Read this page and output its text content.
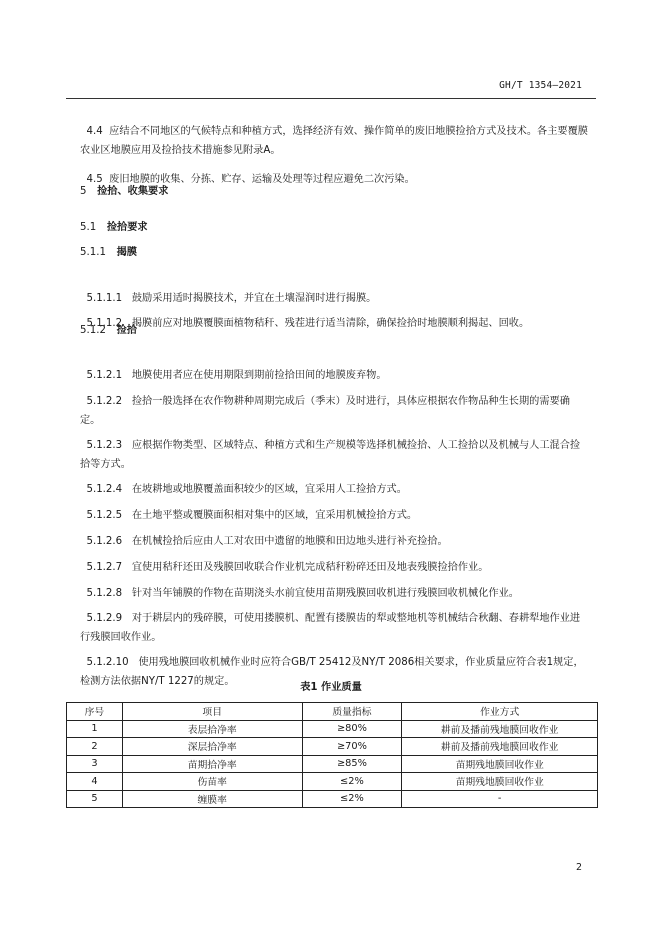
GH/T 1354—2021

4.4 应结合不同地区的气候特点和种植方式，选择经济有效、操作简单的废旧地膜捡拾方式及技术。各主要覆膜农业区地膜应用及捡拾技术措施参见附录A。

4.5 废旧地膜的收集、分拣、贮存、运输及处理等过程应避免二次污染。

5 捡拾、收集要求
5.1 捡拾要求
5.1.1 揭膜

5.1.1.1 鼓励采用适时揭膜技术，并宜在土壤湿润时进行揭膜。

5.1.1.2 揭膜前应对地膜覆膜面植物秸秆、残茬进行适当清除，确保捡拾时地膜顺利揭起、回收。

5.1.2 捡拾

5.1.2.1 地膜使用者应在使用期限到期前捡拾田间的地膜废弃物。

5.1.2.2 捡拾一般选择在农作物耕种周期完成后（季末）及时进行，具体应根据农作物品种生长期的需要确定。

5.1.2.3 应根据作物类型、区域特点、种植方式和生产规模等选择机械捡拾、人工捡拾以及机械与人工混合捡拾等方式。

5.1.2.4 在坡耕地或地膜覆盖面积较少的区域，宜采用人工捡拾方式。

5.1.2.5 在土地平整或覆膜面积相对集中的区域，宜采用机械捡拾方式。

5.1.2.6 在机械捡拾后应由人工对农田中遗留的地膜和田边地头进行补充捡拾。

5.1.2.7 宜使用秸秆还田及残膜回收联合作业机完成秸秆粉碎还田及地表残膜捡拾作业。

5.1.2.8 针对当年铺膜的作物在苗期浇头水前宜使用苗期残膜回收机进行残膜回收机械化作业。

5.1.2.9 对于耕层内的残碎膜，可使用搂膜机、配置有搂膜齿的犁或整地机等机械结合秋翻、春耕犁地作业进行残膜回收作业。

5.1.2.10 使用残地膜回收机械作业时应符合GB/T 25412及NY/T 2086相关要求，作业质量应符合表1规定，检测方法依据NY/T 1227的规定。

表1 作业质量
序号	项目	质量指标	作业方式
1	表层拾净率	≥80%	耕前及播前残地膜回收作业
2	深层拾净率	≥70%	耕前及播前残地膜回收作业
3	苗期拾净率	≥85%	苗期残地膜回收作业
4	伤苗率	≤2%	苗期残地膜回收作业
5	缠膜率	≤2%	-
2
